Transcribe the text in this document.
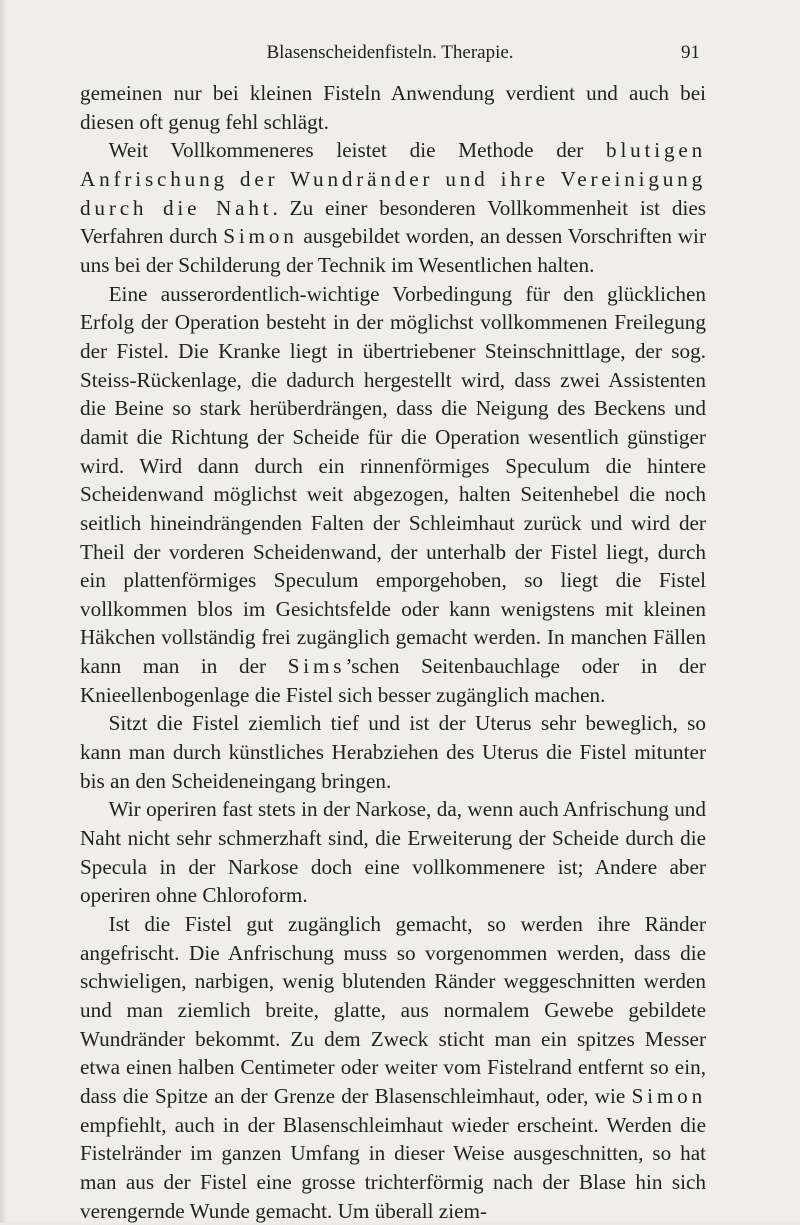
Blasenscheidenfisteln. Therapie.	91

gemeinen nur bei kleinen Fisteln Anwendung verdient und auch bei diesen oft genug fehl schlägt.

Weit Vollkommeneres leistet die Methode der blutigen Anfrischung der Wundränder und ihre Vereinigung durch die Naht. Zu einer besonderen Vollkommenheit ist dies Verfahren durch Simon ausgebildet worden, an dessen Vorschriften wir uns bei der Schilderung der Technik im Wesentlichen halten.

Eine ausserordentlich-wichtige Vorbedingung für den glücklichen Erfolg der Operation besteht in der möglichst vollkommenen Freilegung der Fistel. Die Kranke liegt in übertriebener Steinschnittlage, der sog. Steiss-Rückenlage, die dadurch hergestellt wird, dass zwei Assistenten die Beine so stark herüberdrängen, dass die Neigung des Beckens und damit die Richtung der Scheide für die Operation wesentlich günstiger wird. Wird dann durch ein rinnenförmiges Speculum die hintere Scheidenwand möglichst weit abgezogen, halten Seitenhebel die noch seitlich hineindrängenden Falten der Schleimhaut zurück und wird der Theil der vorderen Scheidenwand, der unterhalb der Fistel liegt, durch ein plattenförmiges Speculum emporgehoben, so liegt die Fistel vollkommen blos im Gesichtsfelde oder kann wenigstens mit kleinen Häkchen vollständig frei zugänglich gemacht werden. In manchen Fällen kann man in der Sims’schen Seitenbauchlage oder in der Knieellenbogenlage die Fistel sich besser zugänglich machen.

Sitzt die Fistel ziemlich tief und ist der Uterus sehr beweglich, so kann man durch künstliches Herabziehen des Uterus die Fistel mitunter bis an den Scheideneingang bringen.

Wir operiren fast stets in der Narkose, da, wenn auch Anfrischung und Naht nicht sehr schmerzhaft sind, die Erweiterung der Scheide durch die Specula in der Narkose doch eine vollkommenere ist; Andere aber operiren ohne Chloroform.

Ist die Fistel gut zugänglich gemacht, so werden ihre Ränder angefrischt. Die Anfrischung muss so vorgenommen werden, dass die schwieligen, narbigen, wenig blutenden Ränder weggeschnitten werden und man ziemlich breite, glatte, aus normalem Gewebe gebildete Wundränder bekommt. Zu dem Zweck sticht man ein spitzes Messer etwa einen halben Centimeter oder weiter vom Fistelrand entfernt so ein, dass die Spitze an der Grenze der Blasenschleimhaut, oder, wie Simon empfiehlt, auch in der Blasenschleimhaut wieder erscheint. Werden die Fistelränder im ganzen Umfang in dieser Weise ausgeschnitten, so hat man aus der Fistel eine grosse trichterförmig nach der Blase hin sich verengernde Wunde gemacht. Um überall ziem-
